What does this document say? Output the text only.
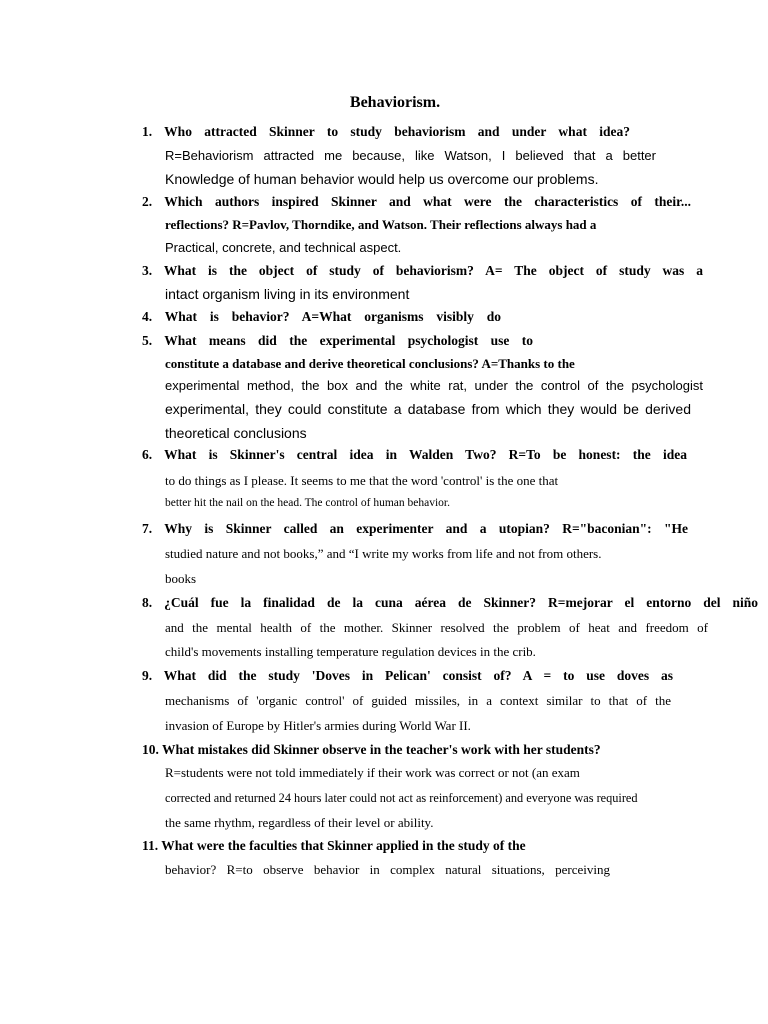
Behaviorism.

1. Who attracted Skinner to study behaviorism and under what idea?

R=Behaviorism attracted me because, like Watson, I believed that a better

Knowledge of human behavior would help us overcome our problems.

2. Which authors inspired Skinner and what were the characteristics of their...

reflections? R=Pavlov, Thorndike, and Watson. Their reflections always had a

Practical, concrete, and technical aspect.

3. What is the object of study of behaviorism? A= The object of study was a

intact organism living in its environment

4. What is behavior? A=What organisms visibly do

5. What means did the experimental psychologist use to

constitute a database and derive theoretical conclusions? A=Thanks to the

experimental method, the box and the white rat, under the control of the psychologist

experimental, they could constitute a database from which they would be derived

theoretical conclusions

6. What is Skinner's central idea in Walden Two? R=To be honest: the idea

to do things as I please. It seems to me that the word 'control' is the one that

better hit the nail on the head. The control of human behavior.

7. Why is Skinner called an experimenter and a utopian? R="baconian": "He

studied nature and not books,” and “I write my works from life and not from others.

books

8. ¿Cuál fue la finalidad de la cuna aérea de Skinner? R=mejorar el entorno del niño

and the mental health of the mother. Skinner resolved the problem of heat and freedom of

child's movements installing temperature regulation devices in the crib.

9. What did the study 'Doves in Pelican' consist of? A = to use doves as

mechanisms of 'organic control' of guided missiles, in a context similar to that of the

invasion of Europe by Hitler's armies during World War II.

10. What mistakes did Skinner observe in the teacher's work with her students?

R=students were not told immediately if their work was correct or not (an exam

corrected and returned 24 hours later could not act as reinforcement) and everyone was required

the same rhythm, regardless of their level or ability.

11. What were the faculties that Skinner applied in the study of the

behavior? R=to observe behavior in complex natural situations, perceiving
